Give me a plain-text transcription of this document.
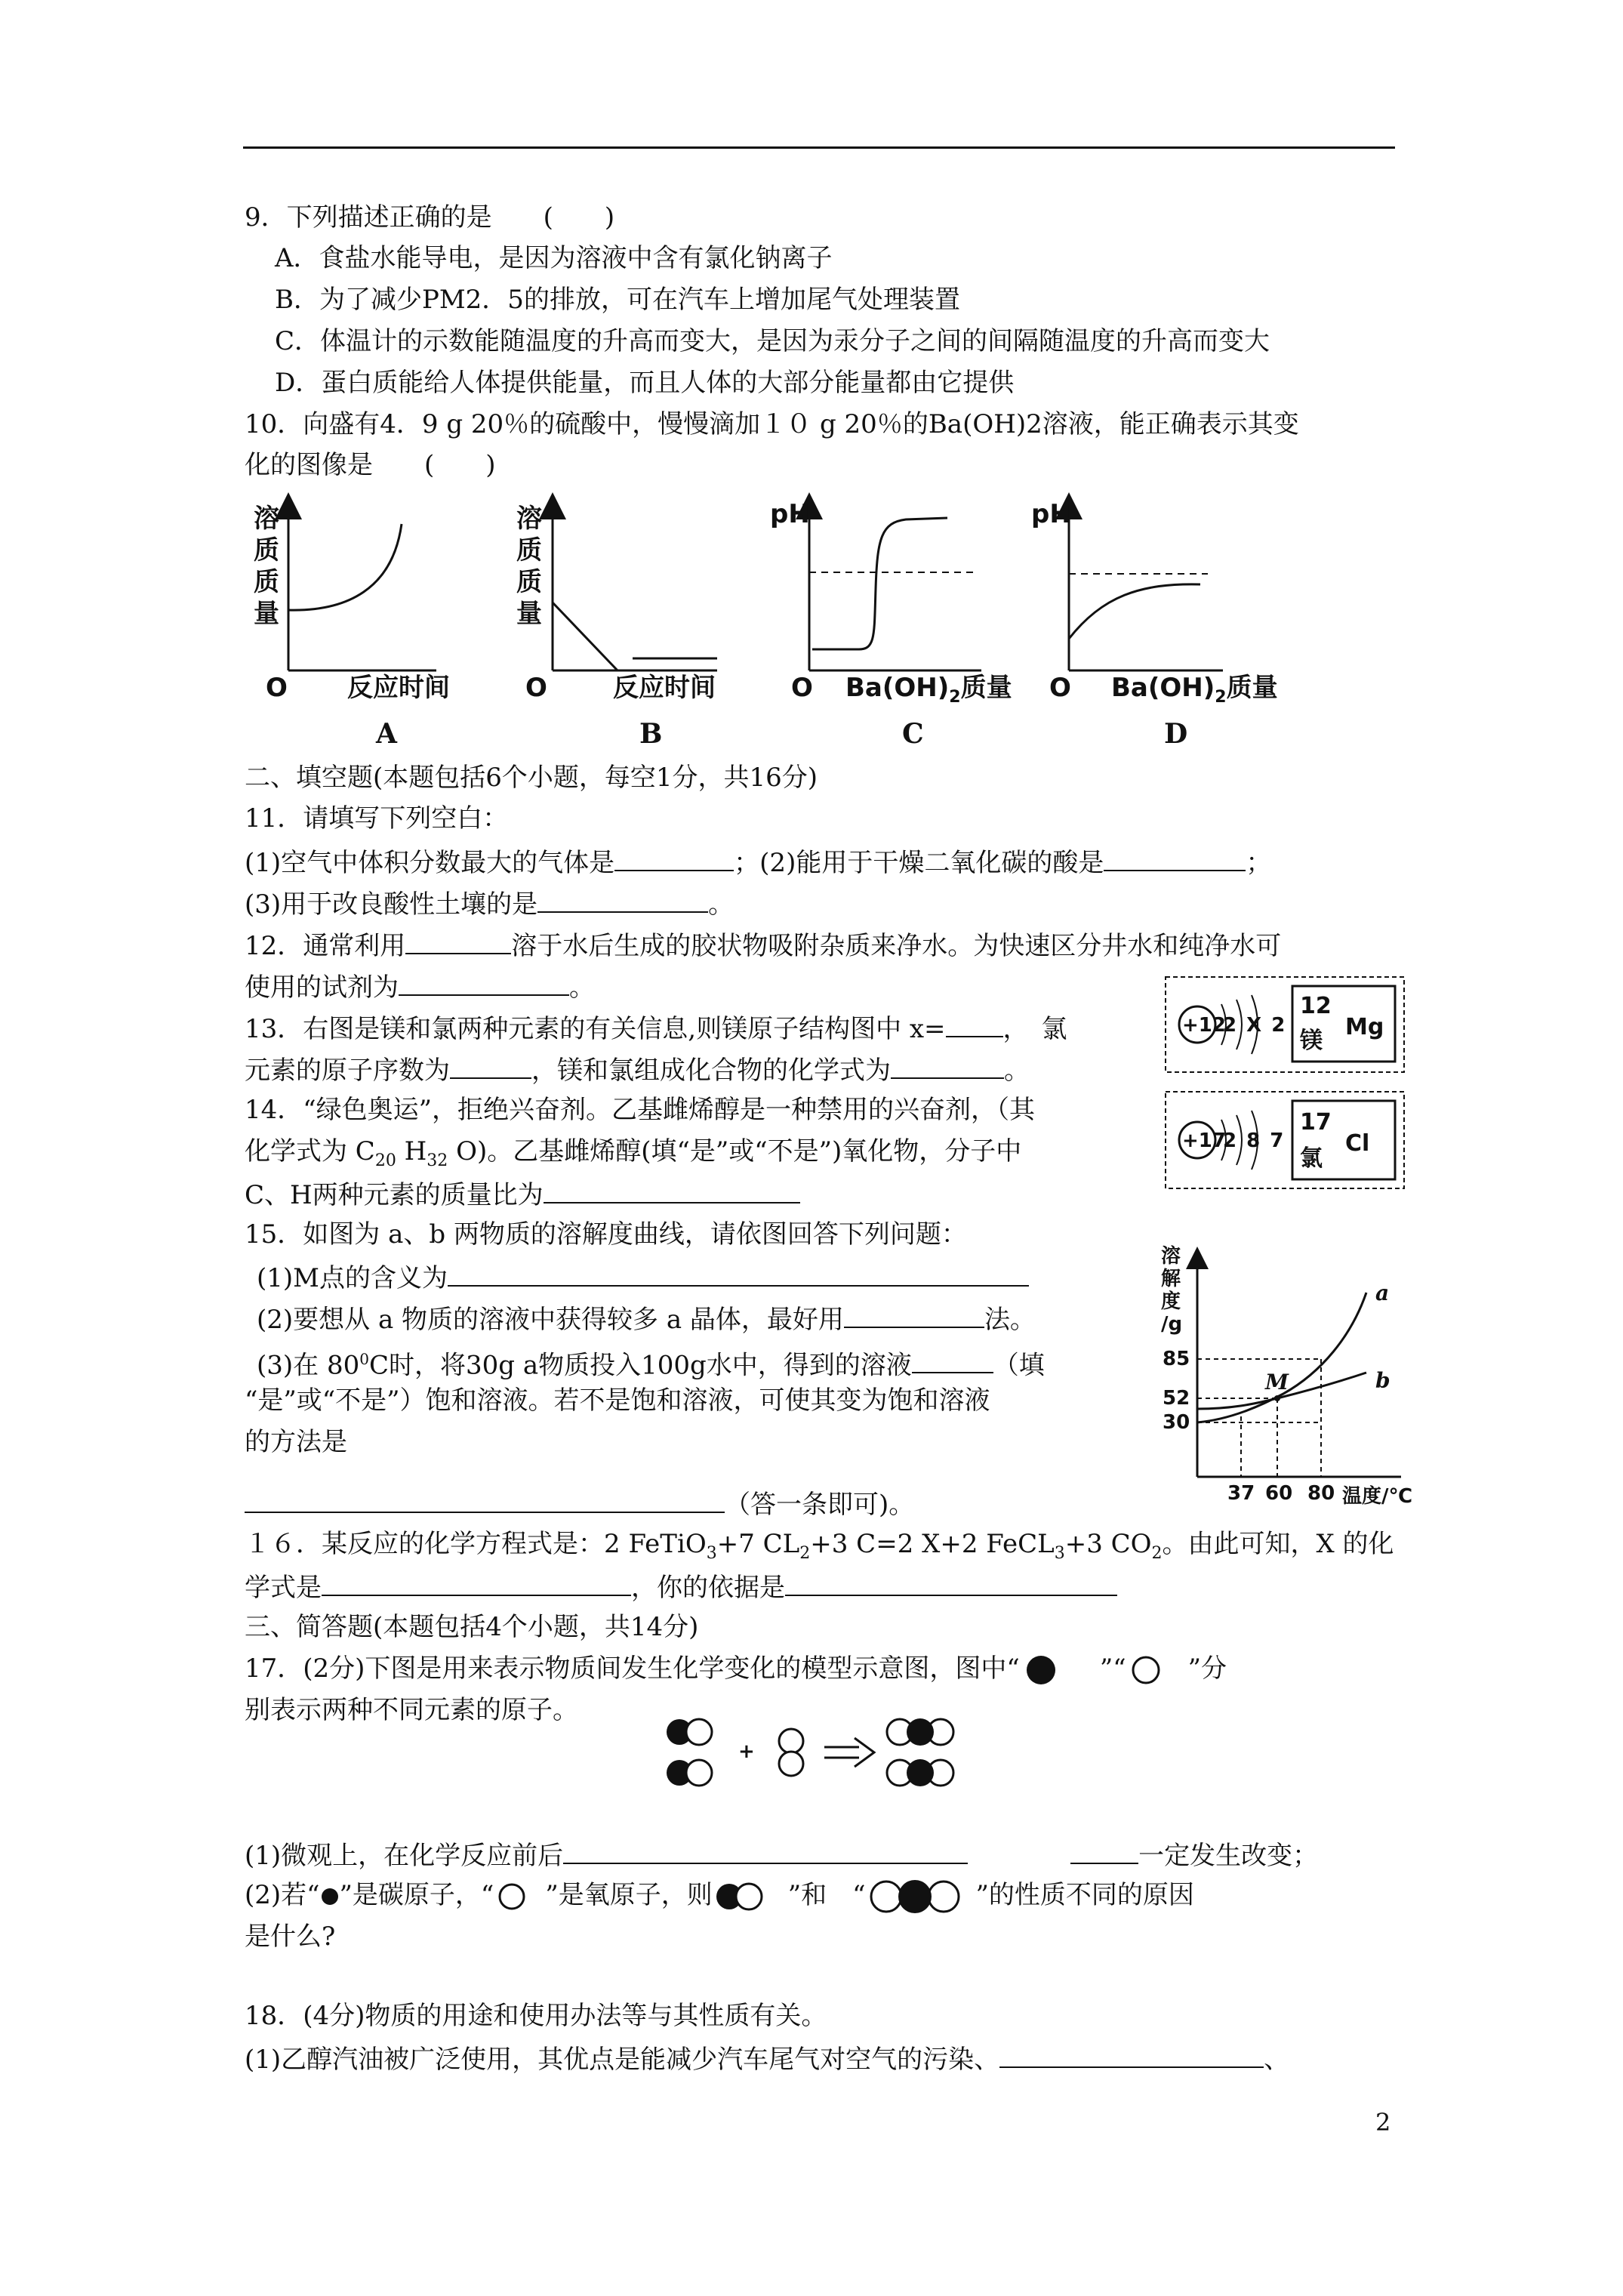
9．下列描述正确的是　　(　　)
A．食盐水能导电，是因为溶液中含有氯化钠离子
B．为了减少PM2．5的排放，可在汽车上增加尾气处理装置
C．体温计的示数能随温度的升高而变大，是因为汞分子之间的间隔随温度的升高而变大
D．蛋白质能给人体提供能量，而且人体的大部分能量都由它提供
10．向盛有4．9 g 20％的硫酸中，慢慢滴加１０ g 20％的Ba(OH)2溶液，能正确表示其变
化的图像是　　(　　)
溶
质
质
量
O 反应时间
A
溶
质
质
量
O	反应时间
B
pH
O $Ba(OH)_2$质量
C
pH
O $Ba(OH)_2$质量
D
二、填空题(本题包括6个小题，每空1分，共16分)
11．请填写下列空白：
(1)空气中体积分数最大的气体是	；(2)能用于干燥二氧化碳的酸是	；
(3)用于改良酸性土壤的是	。
12．通常利用	溶于水后生成的胶状物吸附杂质来净水。为快速区分井水和纯净水可
使用的试剂为	。
13．右图是镁和氯两种元素的有关信息,则镁原子结构图中 x= ，　氯
元素的原子序数为	，镁和氯组成化合物的化学式为	。
+12
2 X 2
12
镁
Mg
+17
2 8 7
17
氯
Cl
14．“绿色奥运”，拒绝兴奋剂。乙基雌烯醇是一种禁用的兴奋剂，（其
化学式为 $C_{20}$ $H_{32}$ O)。乙基雌烯醇(填“是”或“不是”)氧化物，分子中
C、H两种元素的质量比为
15．如图为 a、b 两物质的溶解度曲线，请依图回答下列问题：
(1)M点的含义为
(2)要想从 a 物质的溶液中获得较多 a 晶体，最好用	法。
(3)在 $80^0C$时，将30g a物质投入100g水中，得到的溶液	（填
“是”或“不是”）饱和溶液。若不是饱和溶液，可使其变为饱和溶液
的方法是
（答一条即可)。
溶
解
度
/g
85
52
30
37 60 80 温度/℃
M
a
b
１６．某反应的化学方程式是：2 FeTiO$_3$+7 $CL_2+3$ C=2 X+2 FeCL$_3$+3 $CO_2$。由此可知，X 的化
学式是	，你的依据是
三、简答题(本题包括4个小题，共14分)
17．(2分)下图是用来表示物质间发生化学变化的模型示意图，图中“	”“ ”分
别表示两种不同元素的原子。
+
(1)微观上，在化学反应前后	一定发生改变；
(2)若“ ”是碳原子，“ ”是氧原子，则	”和　“	”的性质不同的原因
是什么?
18．(4分)物质的用途和使用办法等与其性质有关。
(1)乙醇汽油被广泛使用，其优点是能减少汽车尾气对空气的污染、	、
2
